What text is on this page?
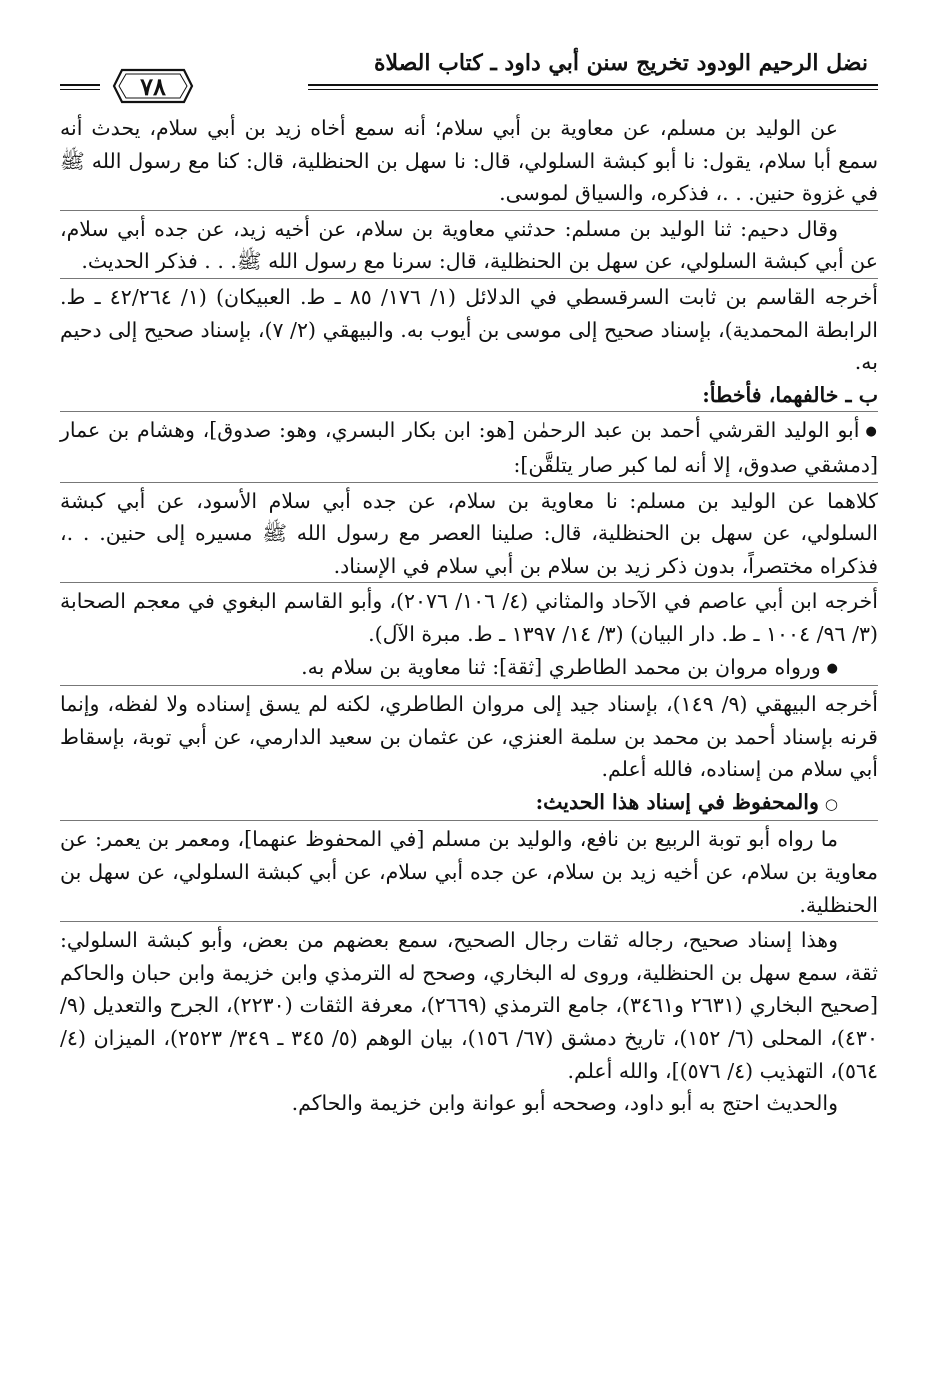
نضل الرحيم الودود تخريج سنن أبي داود ـ كتاب الصلاة
٧٨

عن الوليد بن مسلم، عن معاوية بن أبي سلام؛ أنه سمع أخاه زيد بن أبي سلام، يحدث أنه سمع أبا سلام، يقول: نا أبو كبشة السلولي، قال: نا سهل بن الحنظلية، قال: كنا مع رسول الله ﷺ في غزوة حنين. . .، فذكره، والسياق لموسى.

وقال دحيم: ثنا الوليد بن مسلم: حدثني معاوية بن سلام، عن أخيه زيد، عن جده أبي سلام، عن أبي كبشة السلولي، عن سهل بن الحنظلية، قال: سرنا مع رسول الله ﷺ. . . فذكر الحديث.

أخرجه القاسم بن ثابت السرقسطي في الدلائل (١/ ١٧٦/ ٨٥ ـ ط. العبيكان) (١/ ٤٢/٢٦٤ ـ ط. الرابطة المحمدية)، بإسناد صحيح إلى موسى بن أيوب به. والبيهقي (٢/ ٧)، بإسناد صحيح إلى دحيم به.

ب ـ خالفهما، فأخطأ:

● أبو الوليد القرشي أحمد بن عبد الرحمٰن [هو: ابن بكار البسري، وهو: صدوق]، وهشام بن عمار [دمشقي صدوق، إلا أنه لما كبر صار يتلقَّن]:

كلاهما عن الوليد بن مسلم: نا معاوية بن سلام، عن جده أبي سلام الأسود، عن أبي كبشة السلولي، عن سهل بن الحنظلية، قال: صلينا العصر مع رسول الله ﷺ مسيره إلى حنين. . .، فذكراه مختصراً، بدون ذكر زيد بن سلام بن أبي سلام في الإسناد.

أخرجه ابن أبي عاصم في الآحاد والمثاني (٤/ ١٠٦/ ٢٠٧٦)، وأبو القاسم البغوي في معجم الصحابة (٣/ ٩٦/ ١٠٠٤ ـ ط. دار البيان) (٣/ ١٤/ ١٣٩٧ ـ ط. مبرة الآل).

● ورواه مروان بن محمد الطاطري [ثقة]: ثنا معاوية بن سلام به.

أخرجه البيهقي (٩/ ١٤٩)، بإسناد جيد إلى مروان الطاطري، لكنه لم يسق إسناده ولا لفظه، وإنما قرنه بإسناد أحمد بن محمد بن سلمة العنزي، عن عثمان بن سعيد الدارمي، عن أبي توبة، بإسقاط أبي سلام من إسناده، فالله أعلم.

○ والمحفوظ في إسناد هذا الحديث:

ما رواه أبو توبة الربيع بن نافع، والوليد بن مسلم [في المحفوظ عنهما]، ومعمر بن يعمر: عن معاوية بن سلام، عن أخيه زيد بن سلام، عن جده أبي سلام، عن أبي كبشة السلولي، عن سهل بن الحنظلية.

وهذا إسناد صحيح، رجاله ثقات رجال الصحيح، سمع بعضهم من بعض، وأبو كبشة السلولي: ثقة، سمع سهل بن الحنظلية، وروى له البخاري، وصحح له الترمذي وابن خزيمة وابن حبان والحاكم [صحيح البخاري (٢٦٣١ و٣٤٦١)، جامع الترمذي (٢٦٦٩)، معرفة الثقات (٢٢٣٠)، الجرح والتعديل (٩/ ٤٣٠)، المحلى (٦/ ١٥٢)، تاريخ دمشق (٦٧/ ١٥٦)، بيان الوهم (٥/ ٣٤٥ ـ ٣٤٩/ ٢٥٢٣)، الميزان (٤/ ٥٦٤)، التهذيب (٤/ ٥٧٦)]، والله أعلم.

والحديث احتج به أبو داود، وصححه أبو عوانة وابن خزيمة والحاكم.
